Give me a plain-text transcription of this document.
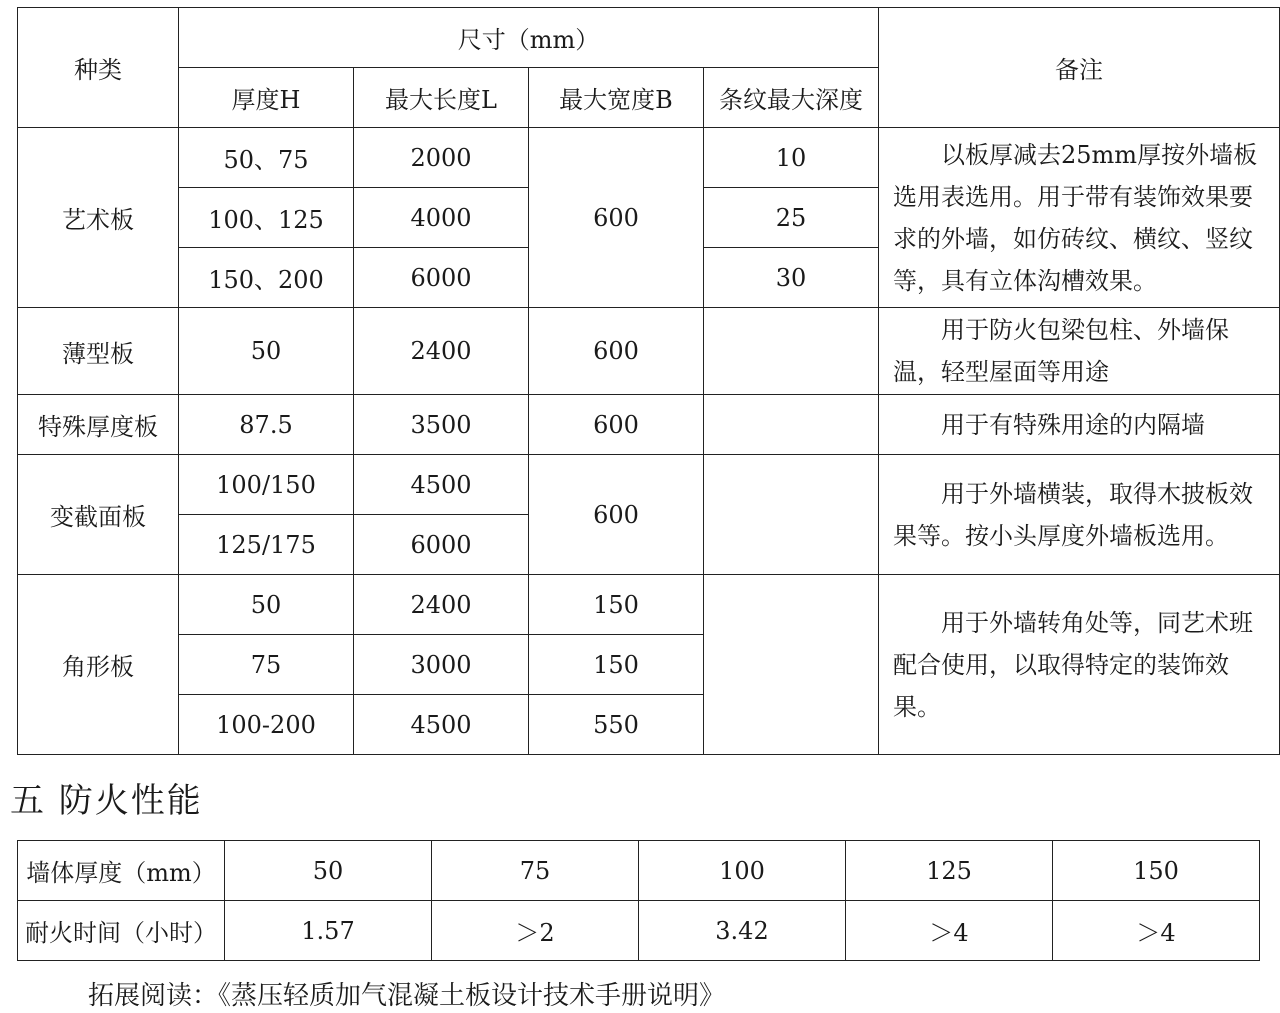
种类	尺寸（mm）				备注
	厚度H	最大长度L	最大宽度B	条纹最大深度	
艺术板	50、75	2000	600	10	以板厚减去25mm厚按外墙板选用表选用。用于带有装饰效果要求的外墙，如仿砖纹、横纹、竖纹等，具有立体沟槽效果。

	100、125	4000		25	
	150、200	6000		30	
薄型板	50	2400	600		用于防火包梁包柱、外墙保温，轻型屋面等用途

特殊厚度板	87.5	3500	600		用于有特殊用途的内隔墙

变截面板	100/150	4500	600		用于外墙横装，取得木披板效果等。按小头厚度外墙板选用。

	125/175	6000			
角形板	50	2400	150		用于外墙转角处等，同艺术班配合使用，以取得特定的装饰效果。

	75	3000	150		
	100-200	4500	550		
五 防火性能
墙体厚度（mm）	50	75	100	125	150
耐火时间（小时）	1.57	＞2	3.42	＞4	＞4

拓展阅读：《蒸压轻质加气混凝土板设计技术手册说明》
